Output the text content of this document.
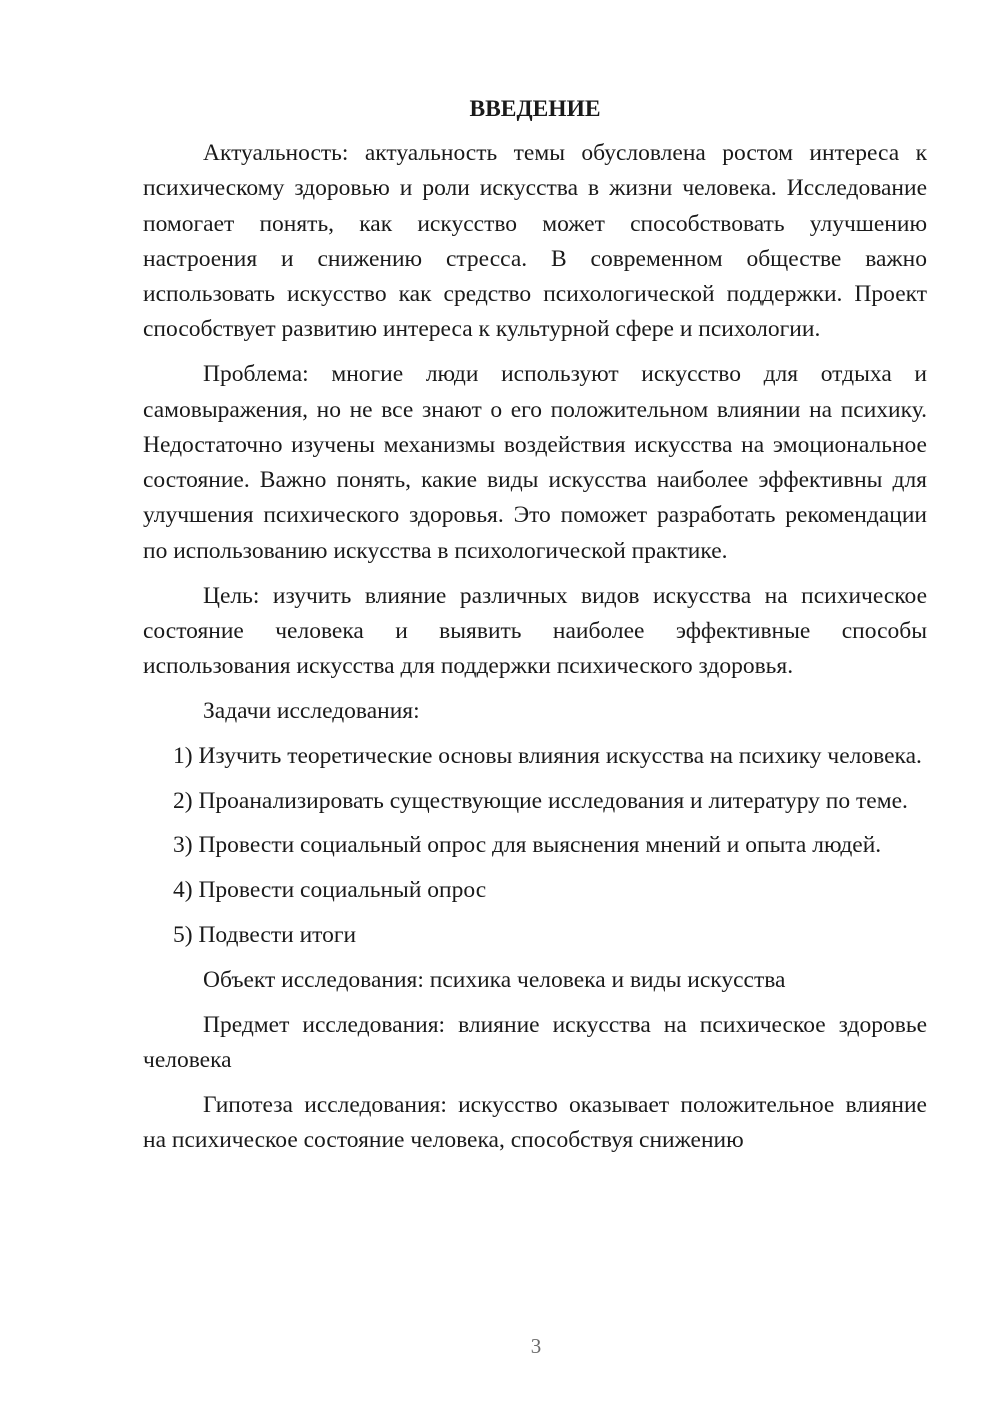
ВВЕДЕНИЕ

Актуальность: актуальность темы обусловлена ростом интереса к психическому здоровью и роли искусства в жизни человека. Исследование помогает понять, как искусство может способствовать улучшению настроения и снижению стресса. В современном обществе важно использовать искусство как средство психологической поддержки. Проект способствует развитию интереса к культурной сфере и психологии.

Проблема: многие люди используют искусство для отдыха и самовыражения, но не все знают о его положительном влиянии на психику. Недостаточно изучены механизмы воздействия искусства на эмоциональное состояние. Важно понять, какие виды искусства наиболее эффективны для улучшения психического здоровья. Это поможет разработать рекомендации по использованию искусства в психологической практике.

Цель: изучить влияние различных видов искусства на психическое состояние человека и выявить наиболее эффективные способы использования искусства для поддержки психического здоровья.

Задачи исследования:

1) Изучить теоретические основы влияния искусства на психику человека.

2) Проанализировать существующие исследования и литературу по теме.

3) Провести социальный опрос для выяснения мнений и опыта людей.

4) Провести социальный опрос

5) Подвести итоги

Объект исследования: психика человека и виды искусства

Предмет исследования: влияние искусства на психическое здоровье человека

Гипотеза исследования: искусство оказывает положительное влияние на психическое состояние человека, способствуя снижению

3
